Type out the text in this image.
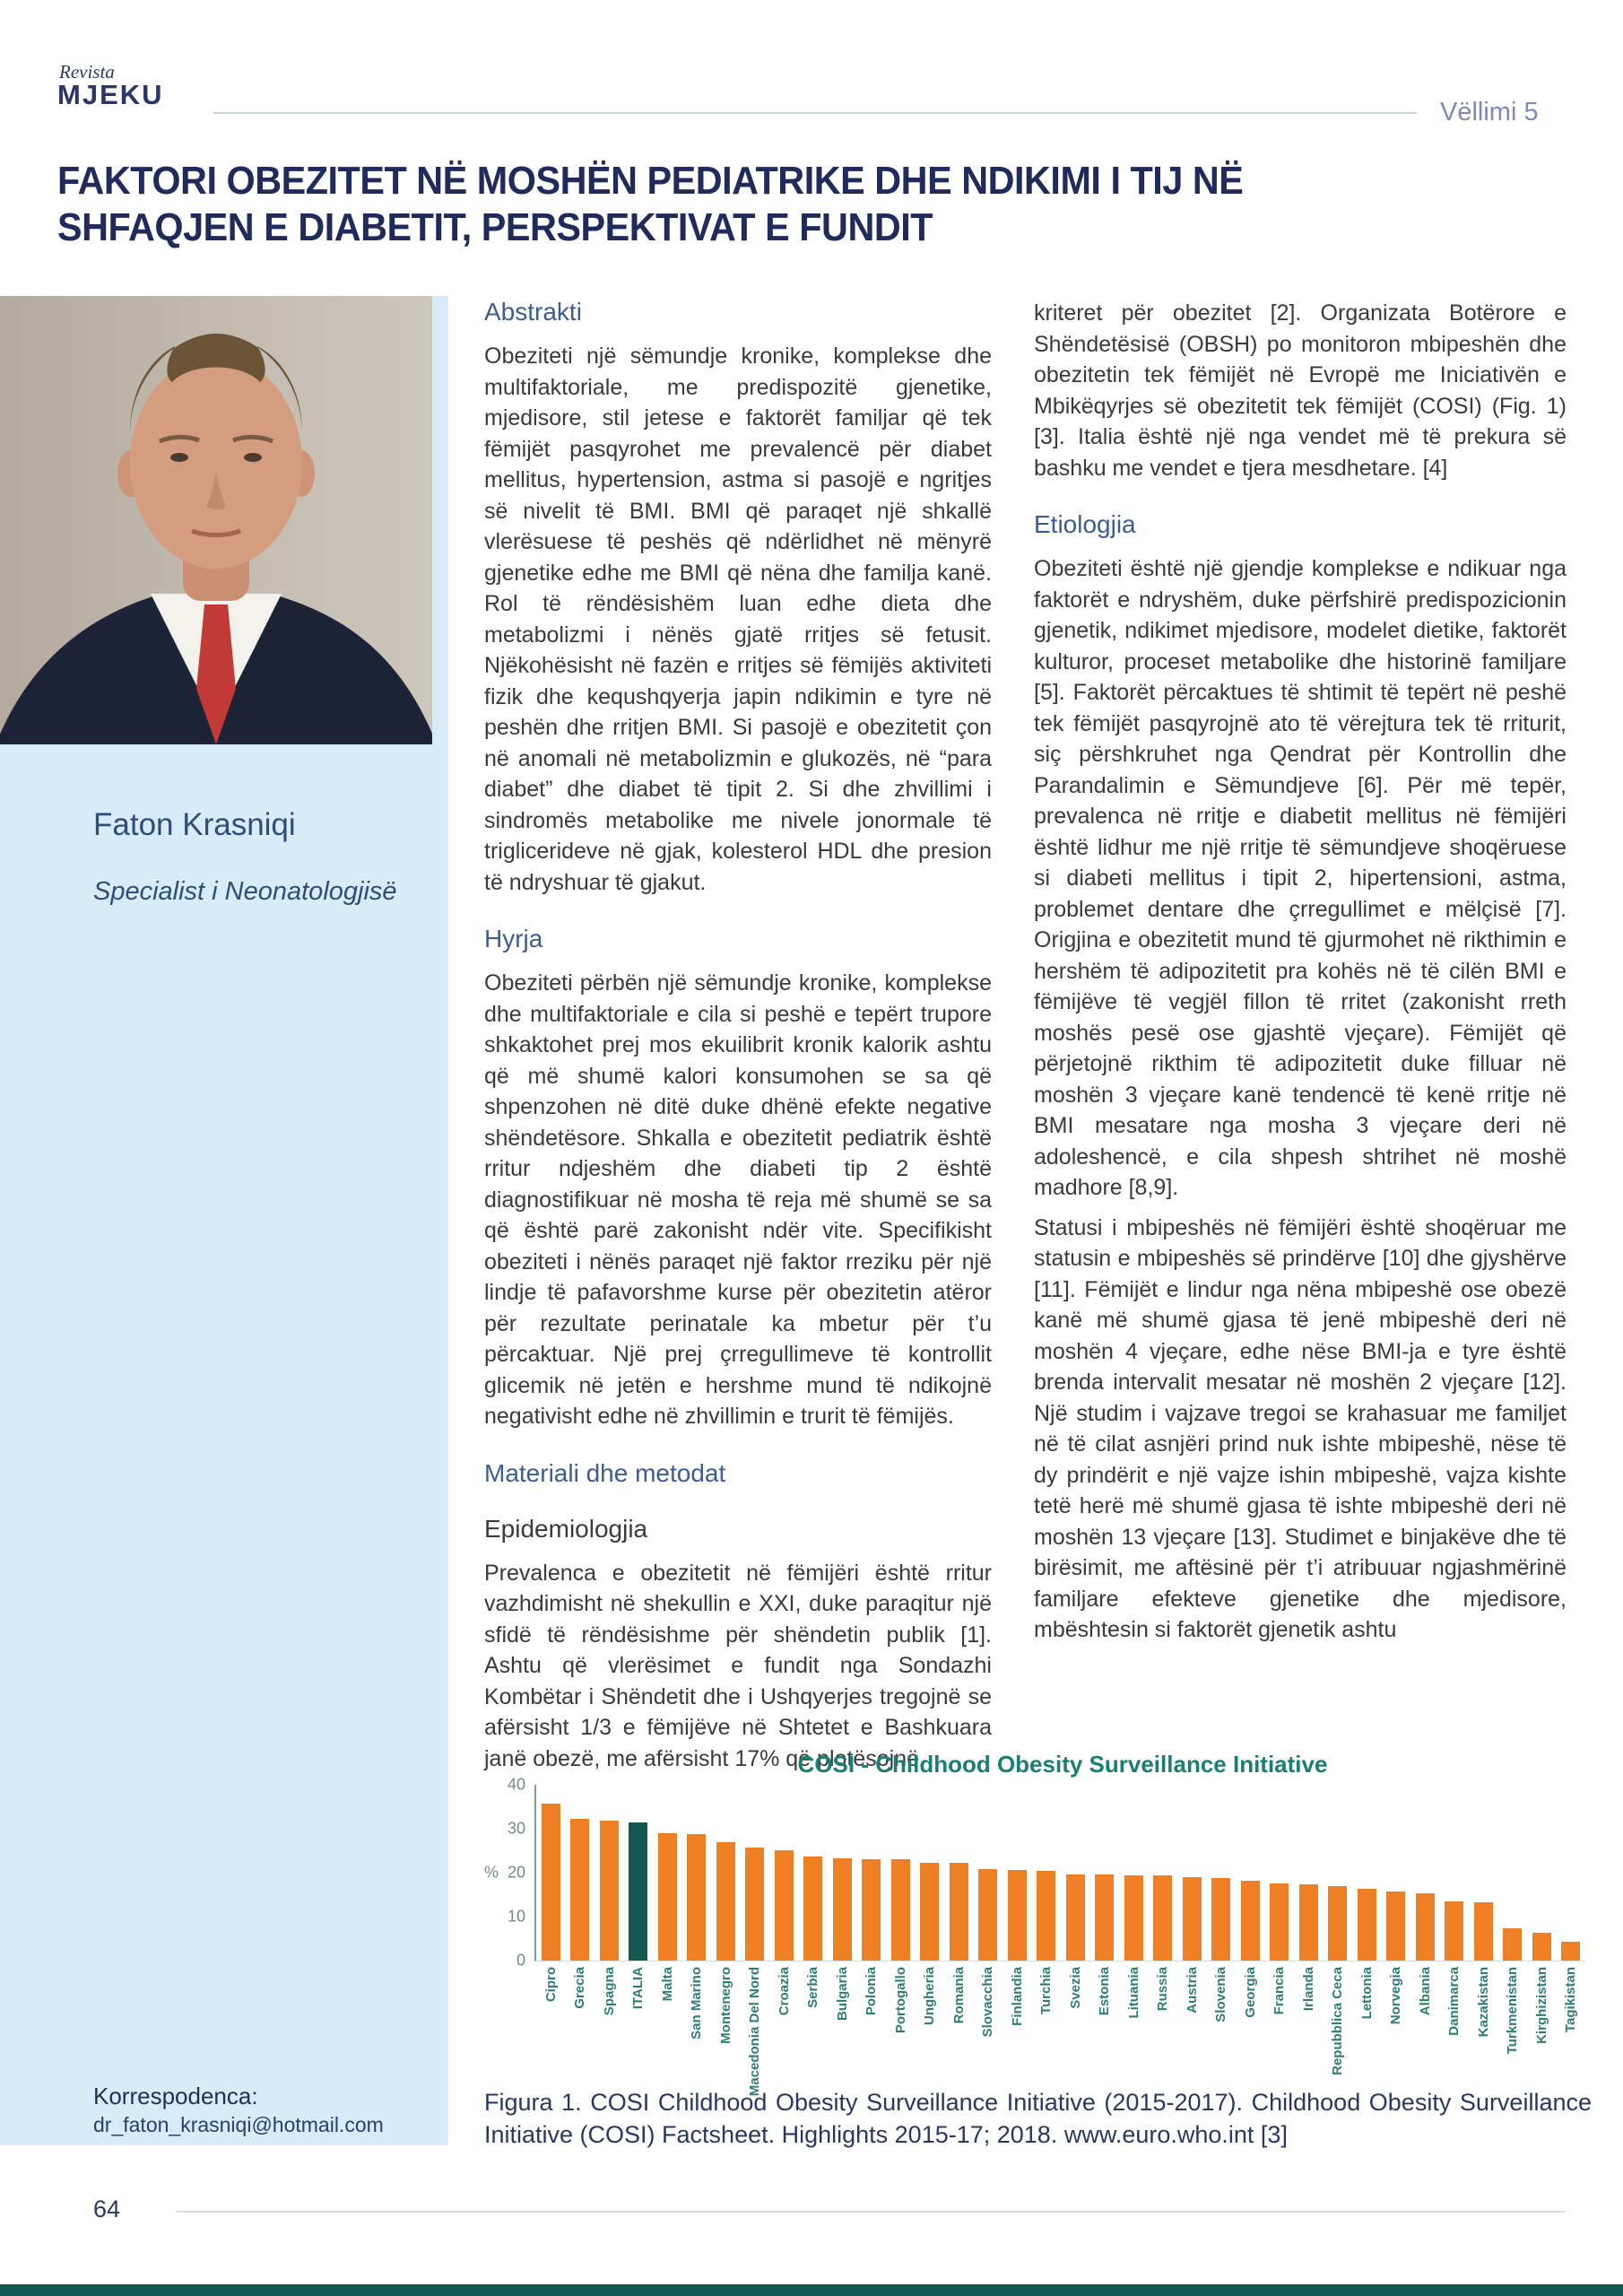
Revista
MJEKU
Vëllimi 5
FAKTORI OBEZITET NË MOSHËN PEDIATRIKE DHE NDIKIMI I TIJ NË SHFAQJEN E DIABETIT, PERSPEKTIVAT E FUNDIT
Faton Krasniqi
Specialist i Neonatologjisë
Korrespodenca:
dr_faton_krasniqi@hotmail.com
Abstrakti
Obeziteti një sëmundje kronike, komplekse dhe multifaktoriale, me predispozitë gjenetike, mjedisore, stil jetese e faktorët familjar që tek fëmijët pasqyrohet me prevalencë për diabet mellitus, hypertension, astma si pasojë e ngritjes së nivelit të BMI. BMI që paraqet një shkallë vlerësuese të peshës që ndërlidhet në mënyrë gjenetike edhe me BMI që nëna dhe familja kanë. Rol të rëndësishëm luan edhe dieta dhe metabolizmi i nënës gjatë rritjes së fetusit. Njëkohësisht në fazën e rritjes së fëmijës aktiviteti fizik dhe kequshqyerja japin ndikimin e tyre në peshën dhe rritjen BMI. Si pasojë e obezitetit çon në anomali në metabolizmin e glukozës, në “para diabet” dhe diabet të tipit 2. Si dhe zhvillimi i sindromës metabolike me nivele jonormale të triglicerideve në gjak, kolesterol HDL dhe presion të ndryshuar të gjakut.
Hyrja
Obeziteti përbën një sëmundje kronike, komplekse dhe multifaktoriale e cila si peshë e tepërt trupore shkaktohet prej mos ekuilibrit kronik kalorik ashtu që më shumë kalori konsumohen se sa që shpenzohen në ditë duke dhënë efekte negative shëndetësore. Shkalla e obezitetit pediatrik është rritur ndjeshëm dhe diabeti tip 2 është diagnostifikuar në mosha të reja më shumë se sa që është parë zakonisht ndër vite. Specifikisht obeziteti i nënës paraqet një faktor rreziku për një lindje të pafavorshme kurse për obezitetin atëror për rezultate perinatale ka mbetur për t’u përcaktuar. Një prej çrregullimeve të kontrollit glicemik në jetën e hershme mund të ndikojnë negativisht edhe në zhvillimin e trurit të fëmijës.
Materiali dhe metodat
Epidemiologjia
Prevalenca e obezitetit në fëmijëri është rritur vazhdimisht në shekullin e XXI, duke paraqitur një sfidë të rëndësishme për shëndetin publik [1]. Ashtu që vlerësimet e fundit nga Sondazhi Kombëtar i Shëndetit dhe i Ushqyerjes tregojnë se afërsisht 1/3 e fëmijëve në Shtetet e Bashkuara janë obezë, me afërsisht 17% që plotësojnë
kriteret për obezitet [2]. Organizata Botërore e Shëndetësisë (OBSH) po monitoron mbipeshën dhe obezitetin tek fëmijët në Evropë me Iniciativën e Mbikëqyrjes së obezitetit tek fëmijët (COSI) (Fig. 1) [3]. Italia është një nga vendet më të prekura së bashku me vendet e tjera mesdhetare. [4]
Etiologjia
Obeziteti është një gjendje komplekse e ndikuar nga faktorët e ndryshëm, duke përfshirë predispozicionin gjenetik, ndikimet mjedisore, modelet dietike, faktorët kulturor, proceset metabolike dhe historinë familjare [5]. Faktorët përcaktues të shtimit të tepërt në peshë tek fëmijët pasqyrojnë ato të vërejtura tek të rriturit, siç përshkruhet nga Qendrat për Kontrollin dhe Parandalimin e Sëmundjeve [6]. Për më tepër, prevalenca në rritje e diabetit mellitus në fëmijëri është lidhur me një rritje të sëmundjeve shoqëruese si diabeti mellitus i tipit 2, hipertensioni, astma, problemet dentare dhe çrregullimet e mëlçisë [7]. Origjina e obezitetit mund të gjurmohet në rikthimin e hershëm të adipozitetit pra kohës në të cilën BMI e fëmijëve të vegjël fillon të rritet (zakonisht rreth moshës pesë ose gjashtë vjeçare). Fëmijët që përjetojnë rikthim të adipozitetit duke filluar në moshën 3 vjeçare kanë tendencë të kenë rritje në BMI mesatare nga mosha 3 vjeçare deri në adoleshencë, e cila shpesh shtrihet në moshë madhore [8,9].
Statusi i mbipeshës në fëmijëri është shoqëruar me statusin e mbipeshës së prindërve [10] dhe gjyshërve [11]. Fëmijët e lindur nga nëna mbipeshë ose obezë kanë më shumë gjasa të jenë mbipeshë deri në moshën 4 vjeçare, edhe nëse BMI-ja e tyre është brenda intervalit mesatar në moshën 2 vjeçare [12]. Një studim i vajzave tregoi se krahasuar me familjet në të cilat asnjëri prind nuk ishte mbipeshë, nëse të dy prindërit e një vajze ishin mbipeshë, vajza kishte tetë herë më shumë gjasa të ishte mbipeshë deri në moshën 13 vjeçare [13]. Studimet e binjakëve dhe të birësimit, me aftësinë për t’i atribuuar ngjashmërinë familjare efekteve gjenetike dhe mjedisore, mbështesin si faktorët gjenetik ashtu
COSI - Childhood Obesity Surveillance Initiative
%
0
10
20
30
40
Cipro Grecia Spagna ITALIA Malta San Marino Montenegro Macedonia Del Nord Croazia Serbia Bulgaria Polonia Portogallo Ungheria Romania Slovacchia Finlandia Turchia Svezia Estonia Lituania Russia Austria Slovenia Georgia Francia Irlanda Repubblica Ceca Lettonia Norvegia Albania Danimarca Kazakistan Turkmenistan Kirghizistan Tagikistan
Figura 1. COSI Childhood Obesity Surveillance Initiative (2015-2017). Childhood Obesity Surveillance Initiative (COSI) Factsheet. Highlights 2015-17; 2018. www.euro.who.int [3]
64
